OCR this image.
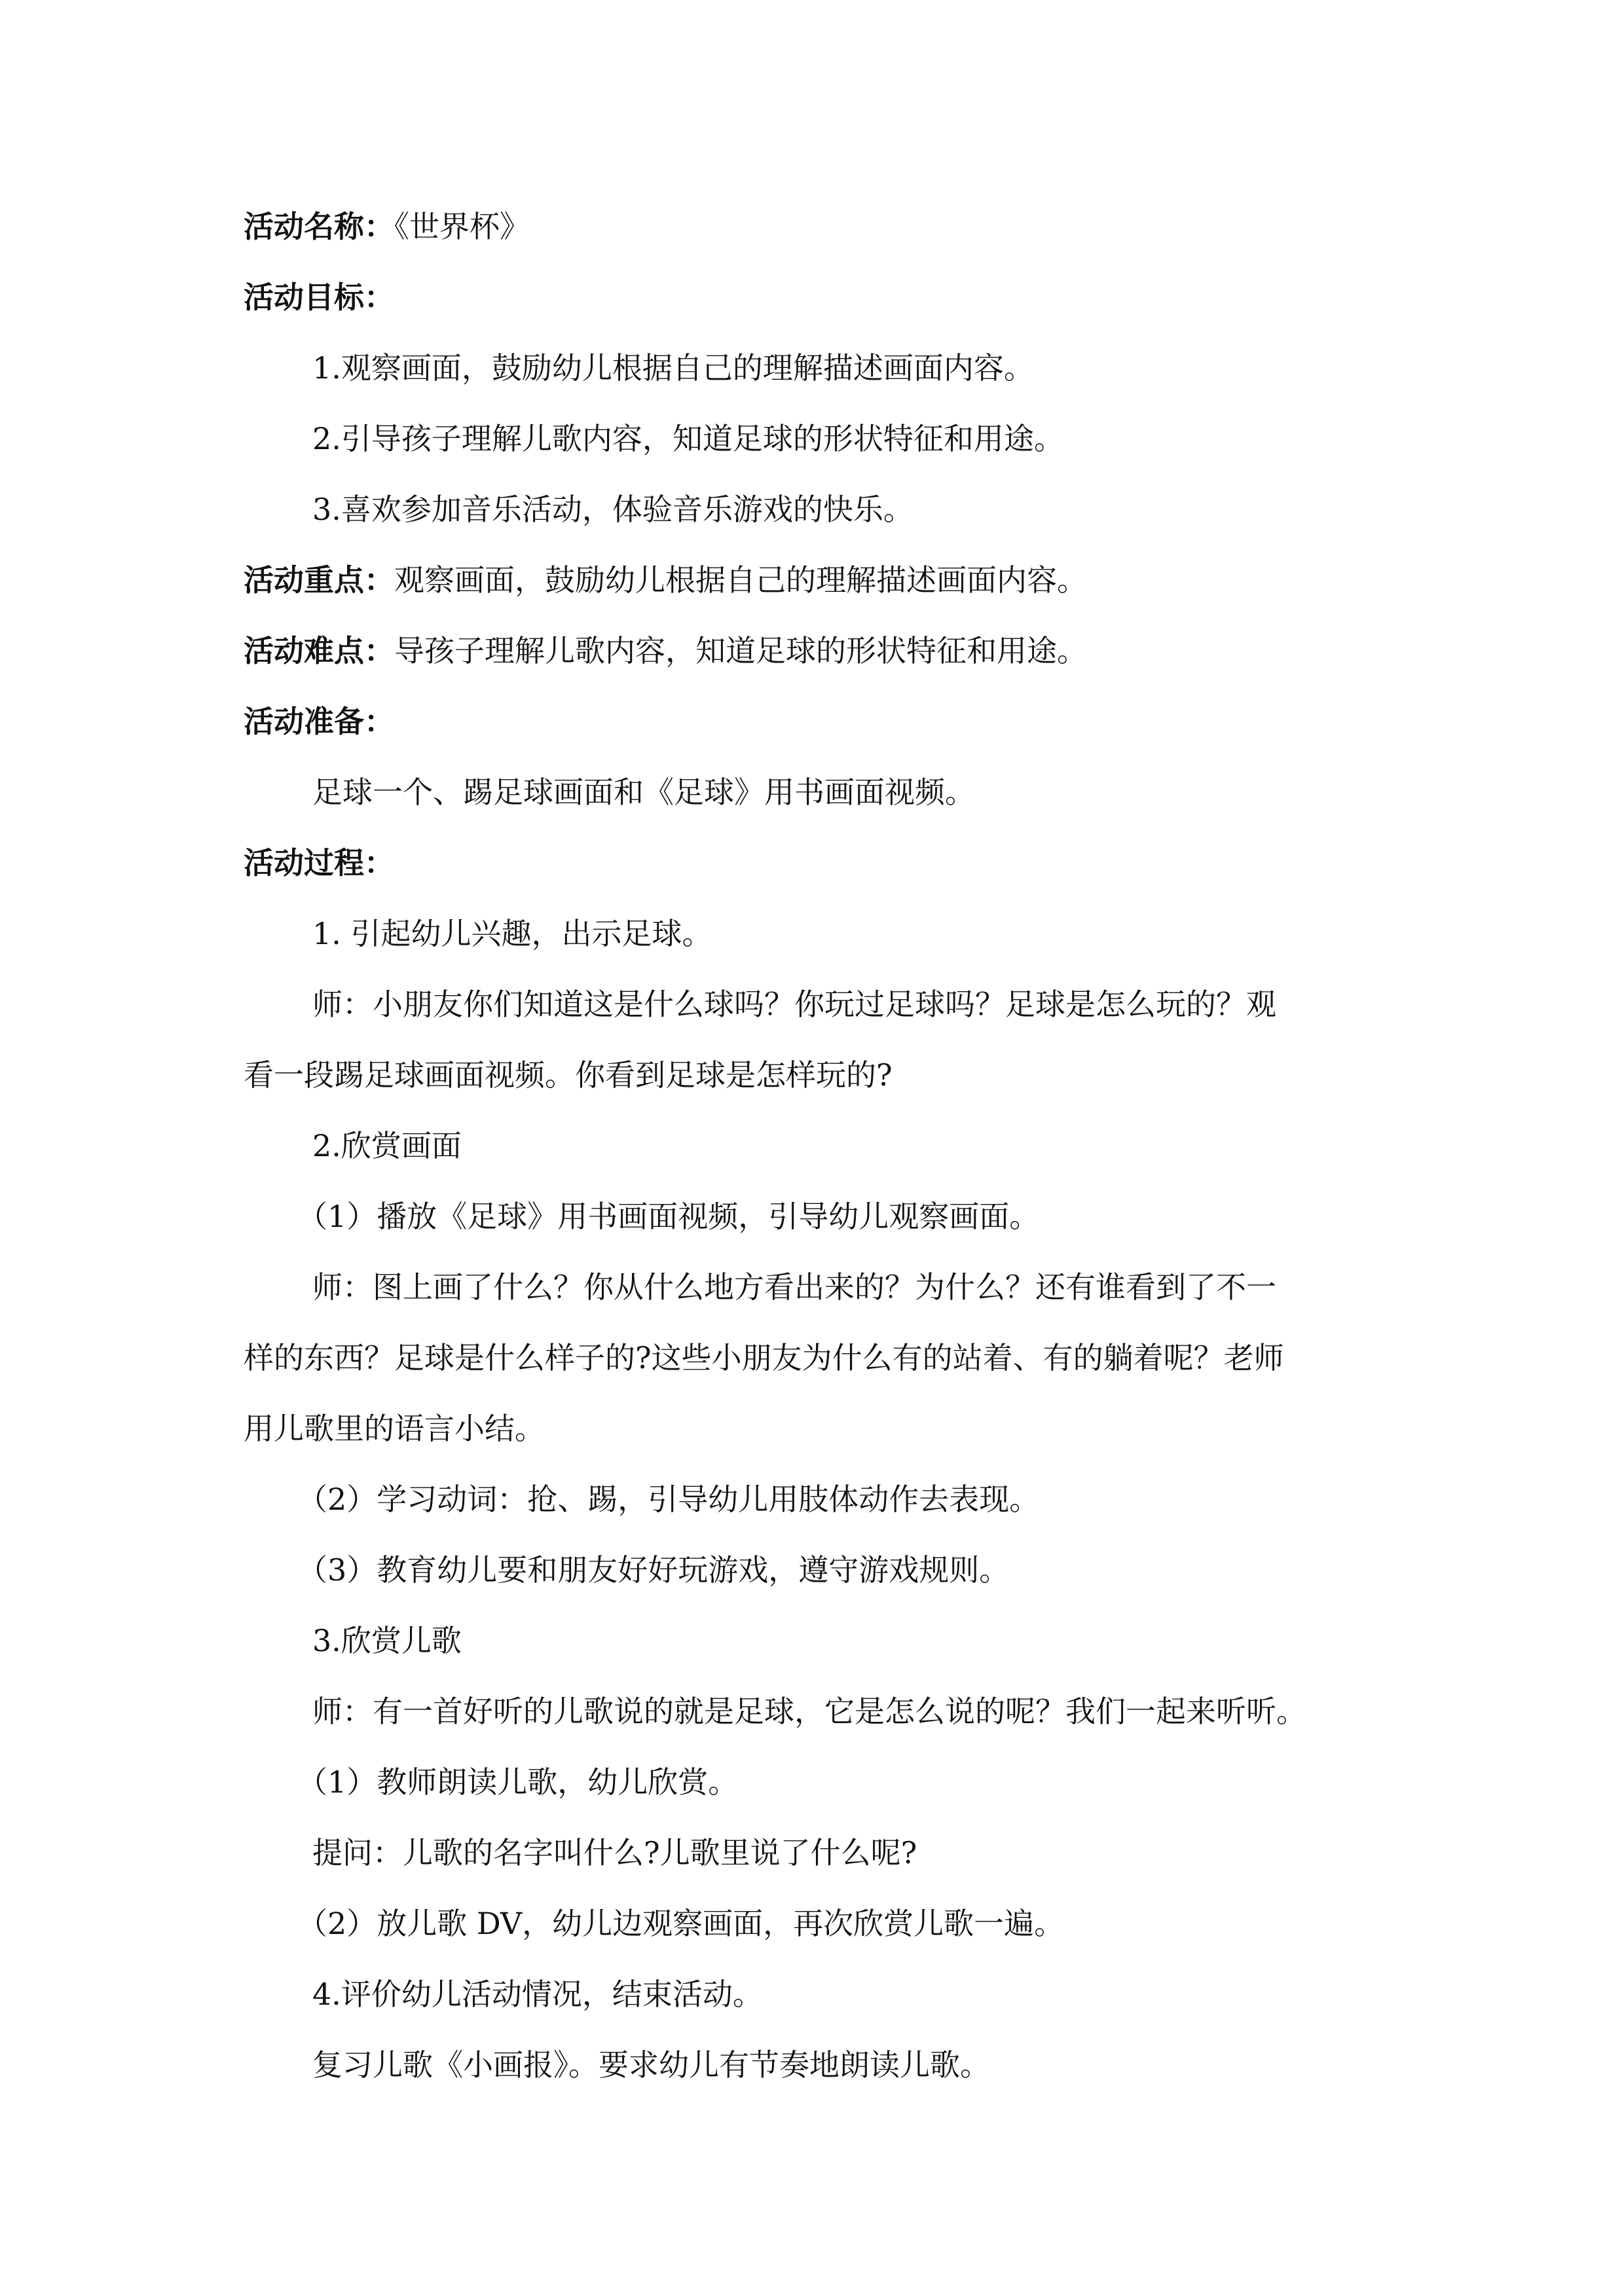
活动名称：《世界杯》
活动目标：
1.观察画面，鼓励幼儿根据自己的理解描述画面内容。
2.引导孩子理解儿歌内容，知道足球的形状特征和用途。
3.喜欢参加音乐活动，体验音乐游戏的快乐。
活动重点：观察画面，鼓励幼儿根据自己的理解描述画面内容。
活动难点：导孩子理解儿歌内容，知道足球的形状特征和用途。
活动准备：
足球一个、踢足球画面和《足球》用书画面视频。
活动过程：
1. 引起幼儿兴趣，出示足球。
师：小朋友你们知道这是什么球吗？你玩过足球吗？足球是怎么玩的？观
看一段踢足球画面视频。你看到足球是怎样玩的?
2.欣赏画面
（1）播放《足球》用书画面视频，引导幼儿观察画面。
师：图上画了什么？你从什么地方看出来的？为什么？还有谁看到了不一
样的东西？足球是什么样子的?这些小朋友为什么有的站着、有的躺着呢？老师
用儿歌里的语言小结。
（2）学习动词：抢、踢，引导幼儿用肢体动作去表现。
（3）教育幼儿要和朋友好好玩游戏，遵守游戏规则。
3.欣赏儿歌
师：有一首好听的儿歌说的就是足球，它是怎么说的呢？我们一起来听听。
（1）教师朗读儿歌，幼儿欣赏。
提问：儿歌的名字叫什么?儿歌里说了什么呢?
（2）放儿歌 DV，幼儿边观察画面，再次欣赏儿歌一遍。
4.评价幼儿活动情况，结束活动。
复习儿歌《小画报》。要求幼儿有节奏地朗读儿歌。
